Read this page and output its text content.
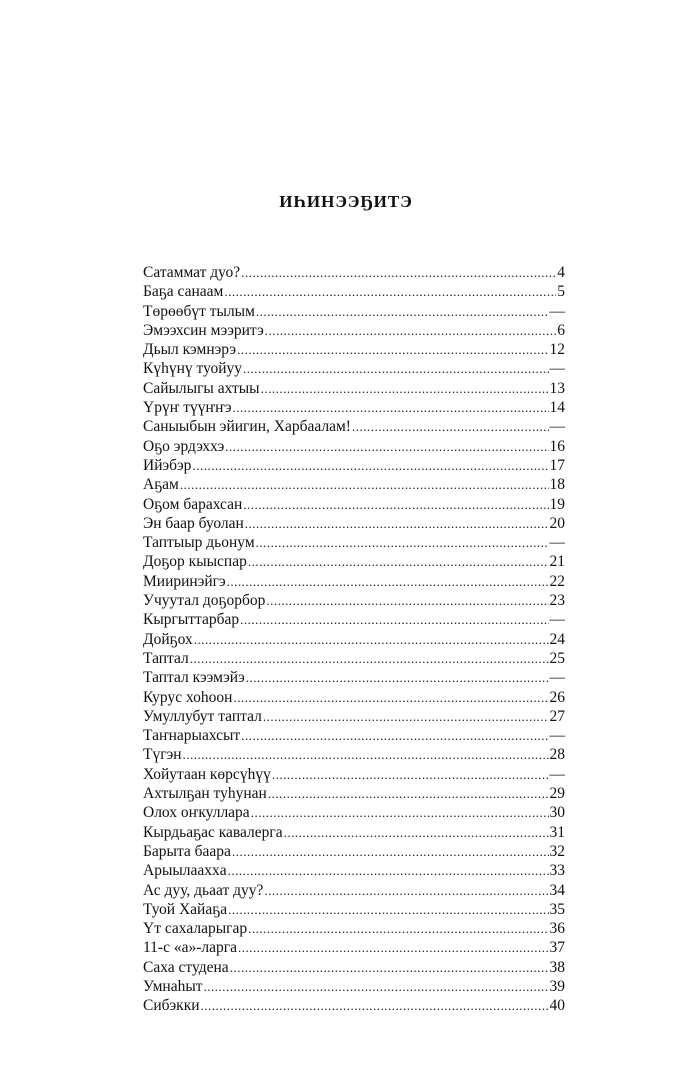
ИҺИНЭЭҔИТЭ
Сатаммат дуо? .....	4
Баҕа санаам .....	5
Төрөөбүт тылым .....	—
Эмээхсин мээритэ .....	6
Дьыл кэмнэрэ .....	12
Күһүнү туойуу .....	—
Сайылыгы ахтыы .....	13
Үрүҥ түүҥҥэ .....	14
Саныыбын эйигин, Харбаалам! .....	—
Оҕо эрдэххэ .....	16
Ийэбэр .....	17
Аҕам .....	18
Оҕом барахсан .....	19
Эн баар буолан .....	20
Таптыыр дьонум .....	—
Доҕор кыыспар .....	21
Мииринэйгэ .....	22
Учуутал доҕорбор .....	23
Кыргыттарбар .....	—
Дойҕох .....	24
Таптал .....	25
Таптал кээмэйэ .....	—
Курус хоһоон .....	26
Умуллубут таптал .....	27
Таҥнарыахсыт .....	—
Түгэн .....	28
Хойутаан көрсүһүү .....	—
Ахтылҕан туһунан .....	29
Олох оҥкуллара .....	30
Кырдьаҕас кавалерга .....	31
Барыта баара .....	32
Арыылааххa .....	33
Ас дуу, дьаат дуу? .....	34
Туой Хайаҕа .....	35
Үт сахаларыгар .....	36
11-с «а»-ларга .....	37
Саха студена .....	38
Умнаһыт .....	39
Сибэкки .....	40
